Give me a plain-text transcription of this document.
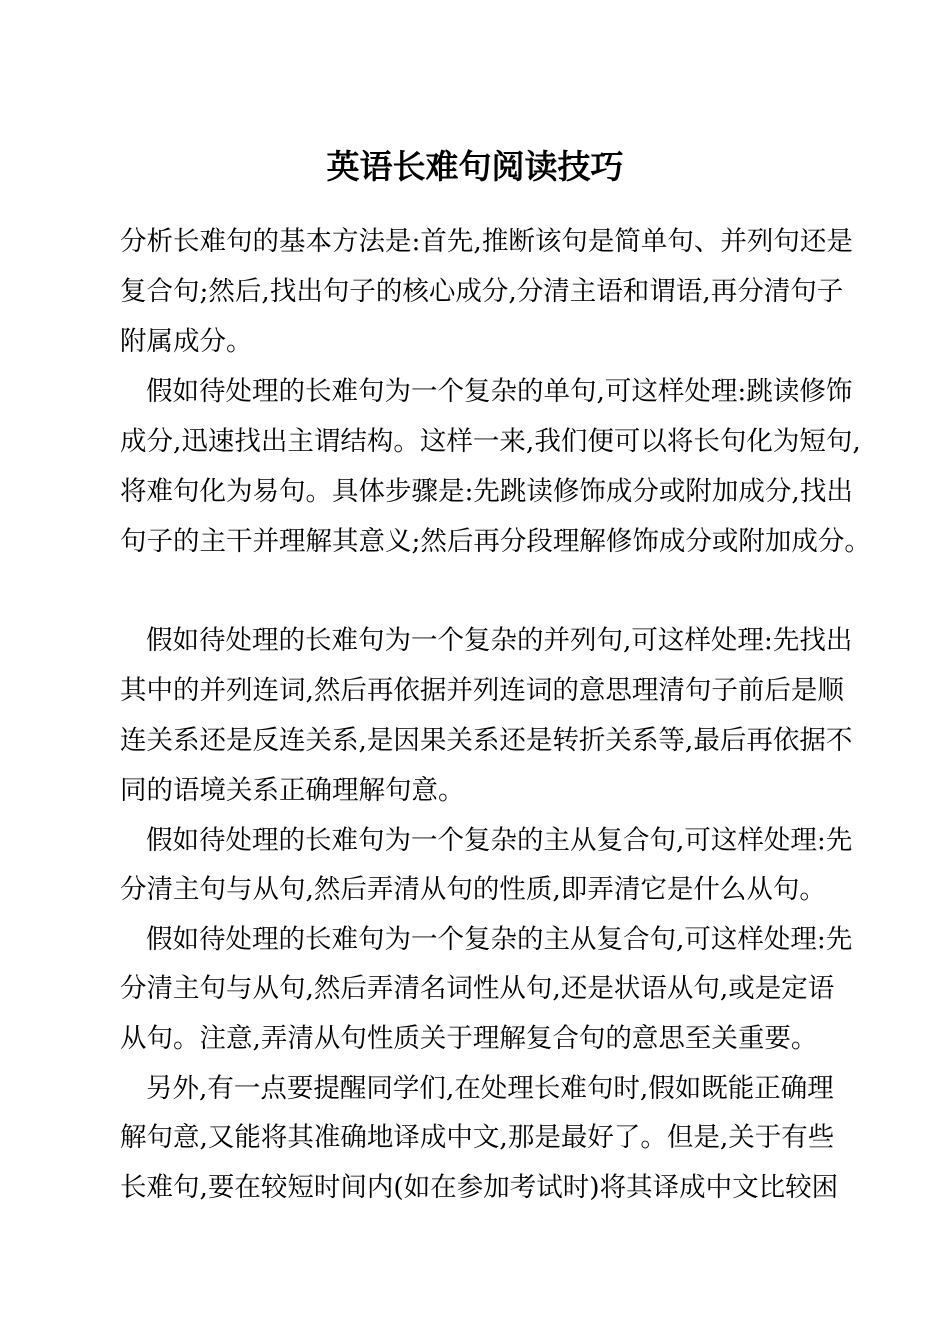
英语长难句阅读技巧
分析长难句的基本方法是:首先,推断该句是简单句、并列句还是
复合句;然后,找出句子的核心成分,分清主语和谓语,再分清句子
附属成分。
假如待处理的长难句为一个复杂的单句,可这样处理:跳读修饰
成分,迅速找出主谓结构。这样一来,我们便可以将长句化为短句,
将难句化为易句。具体步骤是:先跳读修饰成分或附加成分,找出
句子的主干并理解其意义;然后再分段理解修饰成分或附加成分。
假如待处理的长难句为一个复杂的并列句,可这样处理:先找出
其中的并列连词,然后再依据并列连词的意思理清句子前后是顺
连关系还是反连关系,是因果关系还是转折关系等,最后再依据不
同的语境关系正确理解句意。
假如待处理的长难句为一个复杂的主从复合句,可这样处理:先
分清主句与从句,然后弄清从句的性质,即弄清它是什么从句。
假如待处理的长难句为一个复杂的主从复合句,可这样处理:先
分清主句与从句,然后弄清名词性从句,还是状语从句,或是定语
从句。注意,弄清从句性质关于理解复合句的意思至关重要。
另外,有一点要提醒同学们,在处理长难句时,假如既能正确理
解句意,又能将其准确地译成中文,那是最好了。但是,关于有些
长难句,要在较短时间内(如在参加考试时)将其译成中文比较困
